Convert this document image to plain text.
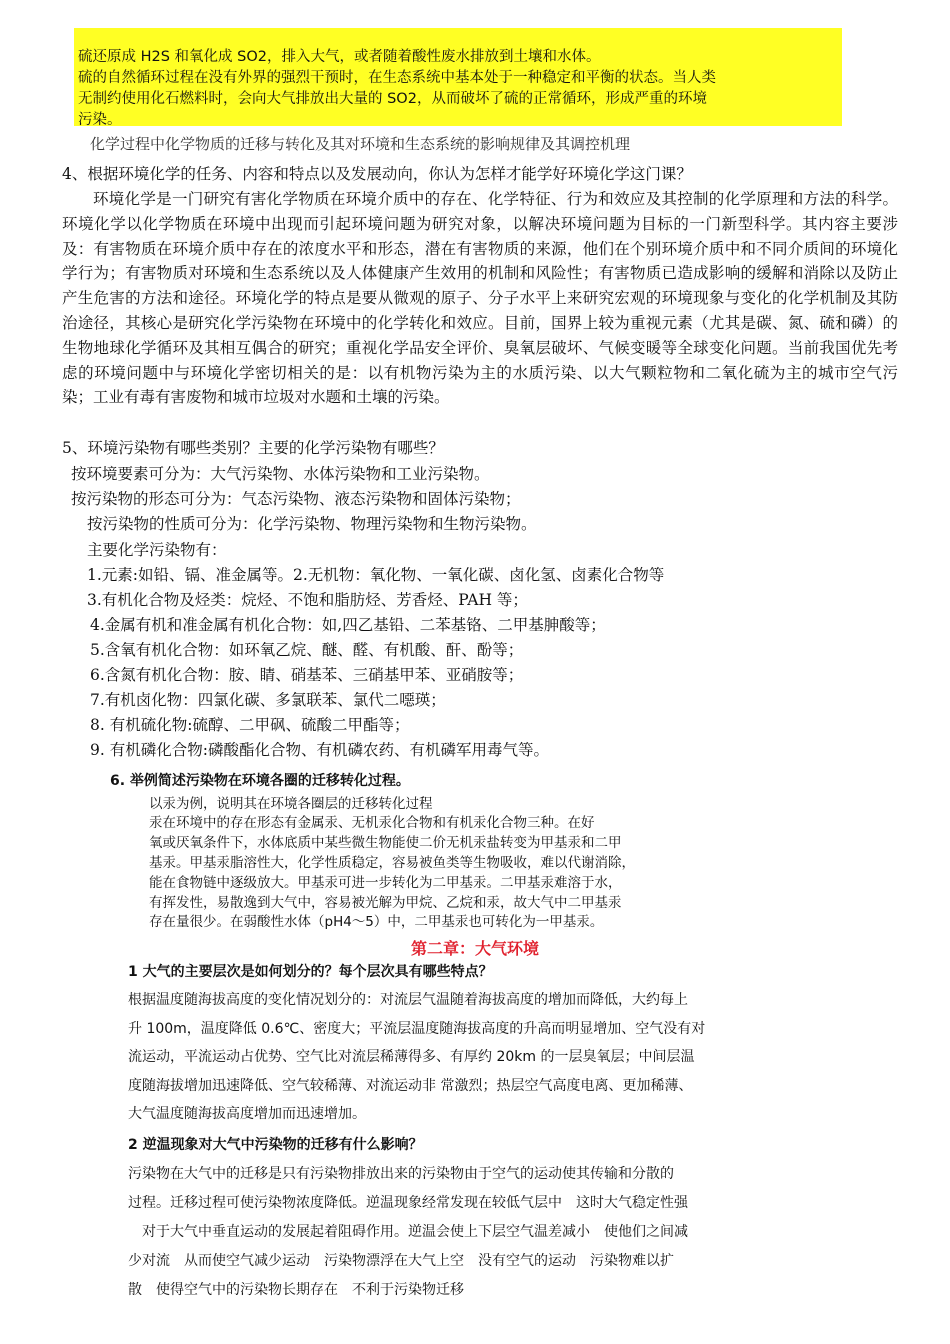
硫还原成 H2S 和氧化成 SO2，排入大气，或者随着酸性废水排放到土壤和水体。
硫的自然循环过程在没有外界的强烈干预时，在生态系统中基本处于一种稳定和平衡的状态。当人类
无制约使用化石燃料时，会向大气排放出大量的 SO2，从而破坏了硫的正常循环，形成严重的环境
污染。
化学过程中化学物质的迁移与转化及其对环境和生态系统的影响规律及其调控机理
4、根据环境化学的任务、内容和特点以及发展动向，你认为怎样才能学好环境化学这门课？

环境化学是一门研究有害化学物质在环境介质中的存在、化学特征、行为和效应及其控制的化学原理和方法的科学。环境化学以化学物质在环境中出现而引起环境问题为研究对象，以解决环境问题为目标的一门新型科学。其内容主要涉及：有害物质在环境介质中存在的浓度水平和形态，潜在有害物质的来源，他们在个别环境介质中和不同介质间的环境化学行为；有害物质对环境和生态系统以及人体健康产生效用的机制和风险性；有害物质已造成影响的缓解和消除以及防止产生危害的方法和途径。环境化学的特点是要从微观的原子、分子水平上来研究宏观的环境现象与变化的化学机制及其防治途径，其核心是研究化学污染物在环境中的化学转化和效应。目前，国界上较为重视元素（尤其是碳、氮、硫和磷）的生物地球化学循环及其相互偶合的研究；重视化学品安全评价、臭氧层破坏、气候变暖等全球变化问题。当前我国优先考虑的环境问题中与环境化学密切相关的是：以有机物污染为主的水质污染、以大气颗粒物和二氧化硫为主的城市空气污染；工业有毒有害废物和城市垃圾对水题和土壤的污染。

5、环境污染物有哪些类别？主要的化学污染物有哪些？
按环境要素可分为：大气污染物、水体污染物和工业污染物。
按污染物的形态可分为：气态污染物、液态污染物和固体污染物；
按污染物的性质可分为：化学污染物、物理污染物和生物污染物。
主要化学污染物有：
1.元素:如铅、镉、准金属等。2.无机物：氧化物、一氧化碳、卤化氢、卤素化合物等
3.有机化合物及烃类：烷烃、不饱和脂肪烃、芳香烃、PAH 等；
4.金属有机和准金属有机化合物：如,四乙基铅、二苯基铬、二甲基胂酸等；
5.含氧有机化合物：如环氧乙烷、醚、醛、有机酸、酐、酚等；
6.含氮有机化合物：胺、睛、硝基苯、三硝基甲苯、亚硝胺等；
7.有机卤化物：四氯化碳、多氯联苯、氯代二噁瑛；
8. 有机硫化物:硫醇、二甲砜、硫酸二甲酯等；
9. 有机磷化合物:磷酸酯化合物、有机磷农药、有机磷军用毒气等。
6. 举例简述污染物在环境各圈的迁移转化过程。
以汞为例，说明其在环境各圈层的迁移转化过程
汞在环境中的存在形态有金属汞、无机汞化合物和有机汞化合物三种。在好
氧或厌氧条件下，水体底质中某些微生物能使二价无机汞盐转变为甲基汞和二甲
基汞。甲基汞脂溶性大，化学性质稳定，容易被鱼类等生物吸收，难以代谢消除，
能在食物链中逐级放大。甲基汞可进一步转化为二甲基汞。二甲基汞难溶于水，
有挥发性，易散逸到大气中，容易被光解为甲烷、乙烷和汞，故大气中二甲基汞
存在量很少。在弱酸性水体（pH4～5）中，二甲基汞也可转化为一甲基汞。
第二章：大气环境
1 大气的主要层次是如何划分的？每个层次具有哪些特点？
根据温度随海拔高度的变化情况划分的：对流层气温随着海拔高度的增加而降低，大约每上
升 100m，温度降低 0.6℃、密度大；平流层温度随海拔高度的升高而明显增加、空气没有对
流运动，平流运动占优势、空气比对流层稀薄得多、有厚约 20km 的一层臭氧层；中间层温
度随海拔增加迅速降低、空气较稀薄、对流运动非 常激烈；热层空气高度电离、更加稀薄、
大气温度随海拔高度增加而迅速增加。
2 逆温现象对大气中污染物的迁移有什么影响？
污染物在大气中的迁移是只有污染物排放出来的污染物由于空气的运动使其传输和分散的
过程。迁移过程可使污染物浓度降低。逆温现象经常发现在较低气层中　这时大气稳定性强
　对于大气中垂直运动的发展起着阻碍作用。逆温会使上下层空气温差减小　使他们之间减
少对流　从而使空气减少运动　污染物漂浮在大气上空　没有空气的运动　污染物难以扩
散　使得空气中的污染物长期存在　不利于污染物迁移
